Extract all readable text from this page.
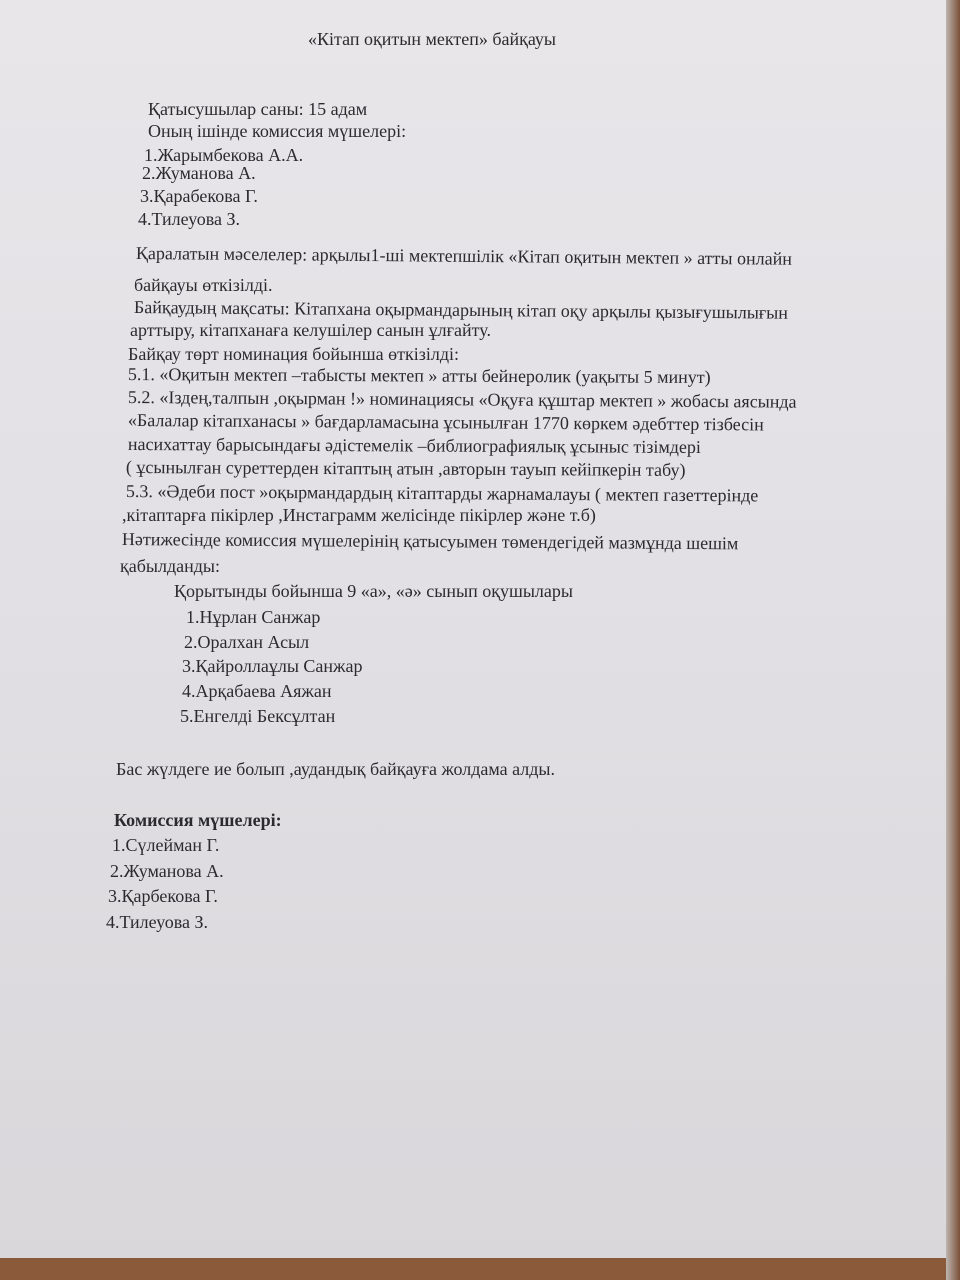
«Кітап оқитын мектеп» байқауы
Қатысушылар саны: 15 адам
Оның ішінде комиссия мүшелері:
1.Жарымбекова А.А.
2.Жуманова А.
3.Қарабекова Г.
4.Тилеуова З.
Қаралатын мәселелер: арқылы1-ші мектепшілік «Кітап оқитын мектеп » атты онлайн
байқауы өткізілді.
Байқаудың мақсаты: Кітапхана оқырмандарының кітап оқу арқылы қызығушылығын
арттыру, кітапханаға келушілер санын ұлғайту.
Байқау төрт номинация бойынша өткізілді:
5.1. «Оқитын мектеп –табысты мектеп » атты бейнеролик (уақыты 5 минут)
5.2. «Іздең,талпын ,оқырман !» номинациясы «Оқуға құштар мектеп » жобасы аясында
«Балалар кітапханасы » бағдарламасына ұсынылған 1770 көркем әдебттер тізбесін
насихаттау барысындағы әдістемелік –библиографиялық ұсыныс тізімдері
( ұсынылған суреттерден кітаптың атын ,авторын тауып кейіпкерін табу)
5.3. «Әдеби пост »оқырмандардың кітаптарды жарнамалауы ( мектеп газеттерінде
,кітаптарға пікірлер ,Инстаграмм желісінде пікірлер және т.б)
Нәтижесінде комиссия мүшелерінің қатысуымен төмендегідей мазмұнда шешім
қабылданды:
Қорытынды бойынша 9 «а», «ә» сынып оқушылары
1.Нұрлан Санжар
2.Оралхан Асыл
3.Қайроллаұлы Санжар
4.Арқабаева Аяжан
5.Енгелді Бексұлтан
Бас жүлдеге ие болып ,аудандық байқауға жолдама алды.
Комиссия мүшелері:
1.Сүлейман Г.
2.Жуманова А.
3.Қарбекова Г.
4.Тилеуова З.
